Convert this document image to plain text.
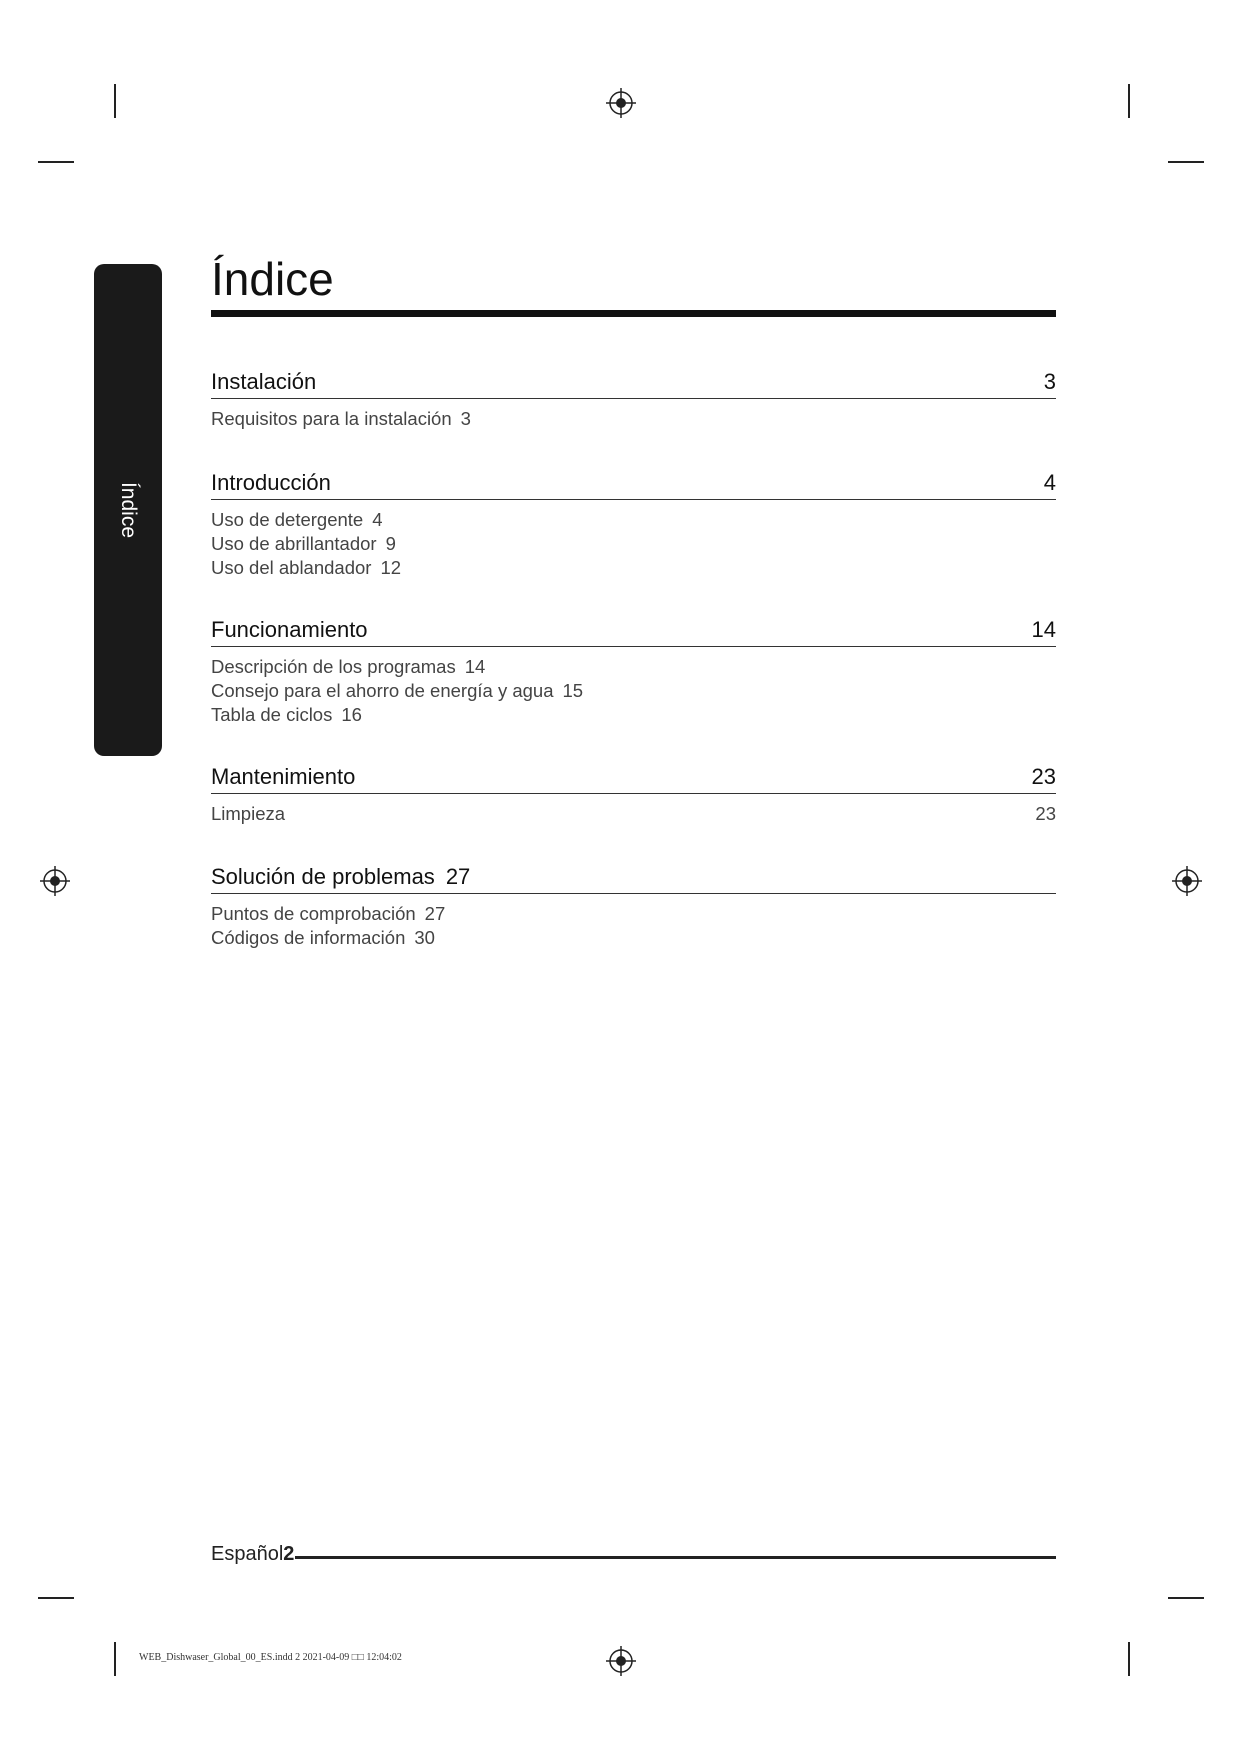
Índice
Índice
Instalación	3
Requisitos para la instalación 3
Introducción	4
Uso de detergente 4
Uso de abrillantador 9
Uso del ablandador 12
Funcionamiento	14
Descripción de los programas 14
Consejo para el ahorro de energía y agua 15
Tabla de ciclos 16
Mantenimiento	23
Limpieza	23
Solución de problemas 27
Puntos de comprobación 27
Códigos de información 30
Español2
WEB_Dishwaser_Global_00_ES.indd 2 2021-04-09 □□ 12:04:02
